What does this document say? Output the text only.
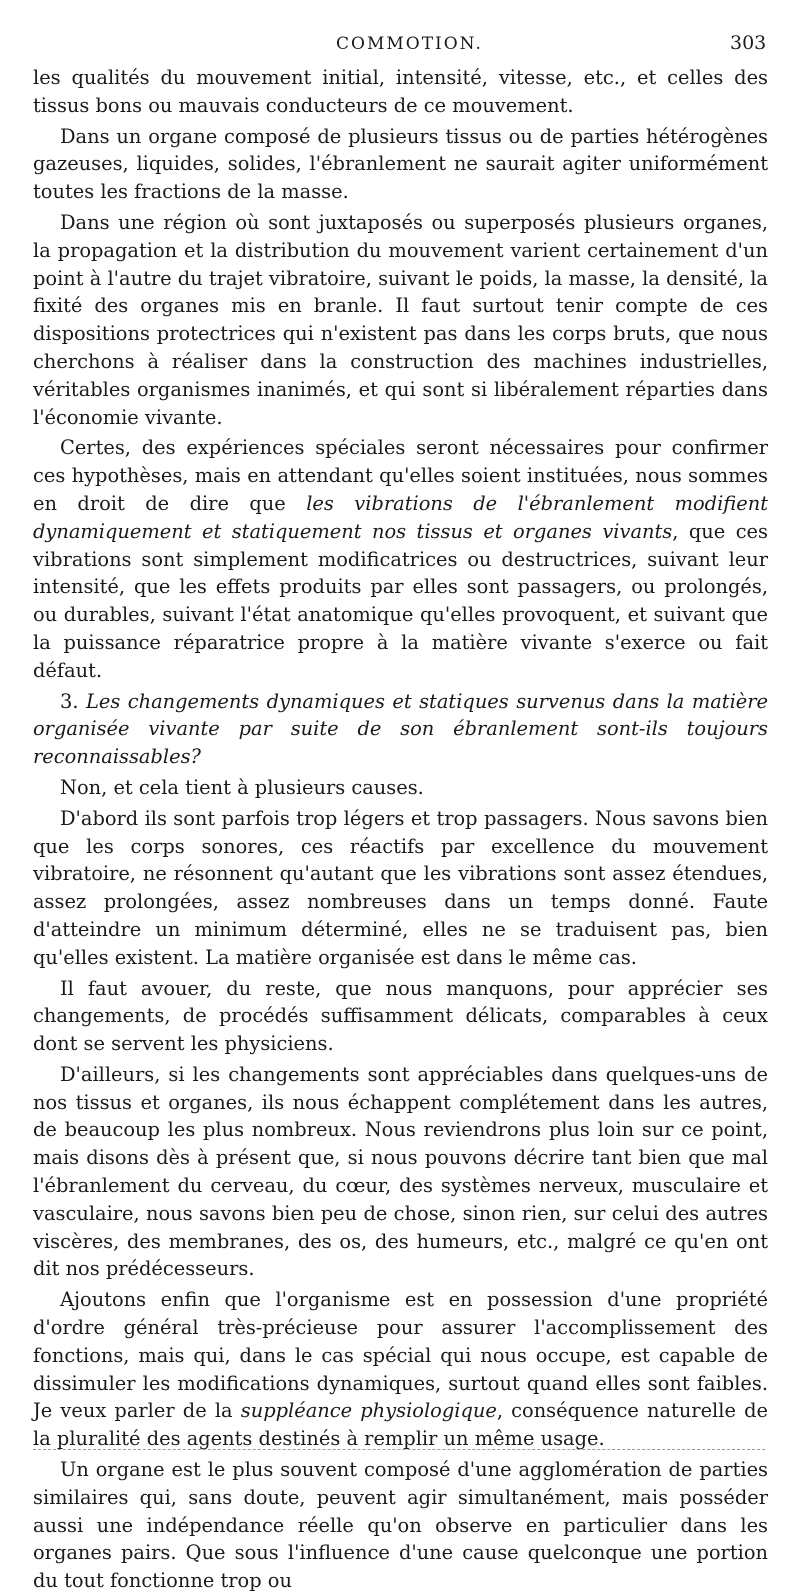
COMMOTION.	303

les qualités du mouvement initial, intensité, vitesse, etc., et celles des tissus bons ou mauvais conducteurs de ce mouvement.

Dans un organe composé de plusieurs tissus ou de parties hétérogènes gazeuses, liquides, solides, l'ébranlement ne saurait agiter uniformément toutes les fractions de la masse.

Dans une région où sont juxtaposés ou superposés plusieurs organes, la propagation et la distribution du mouvement varient certainement d'un point à l'autre du trajet vibratoire, suivant le poids, la masse, la densité, la fixité des organes mis en branle. Il faut surtout tenir compte de ces dispositions protectrices qui n'existent pas dans les corps bruts, que nous cherchons à réaliser dans la construction des machines industrielles, véritables organismes inanimés, et qui sont si libéralement réparties dans l'économie vivante.

Certes, des expériences spéciales seront nécessaires pour confirmer ces hypothèses, mais en attendant qu'elles soient instituées, nous sommes en droit de dire que les vibrations de l'ébranlement modifient dynamiquement et statiquement nos tissus et organes vivants, que ces vibrations sont simplement modificatrices ou destructrices, suivant leur intensité, que les effets produits par elles sont passagers, ou prolongés, ou durables, suivant l'état anatomique qu'elles provoquent, et suivant que la puissance réparatrice propre à la matière vivante s'exerce ou fait défaut.

3. Les changements dynamiques et statiques survenus dans la matière organisée vivante par suite de son ébranlement sont-ils toujours reconnaissables?

Non, et cela tient à plusieurs causes.

D'abord ils sont parfois trop légers et trop passagers. Nous savons bien que les corps sonores, ces réactifs par excellence du mouvement vibratoire, ne résonnent qu'autant que les vibrations sont assez étendues, assez prolongées, assez nombreuses dans un temps donné. Faute d'atteindre un minimum déterminé, elles ne se traduisent pas, bien qu'elles existent. La matière organisée est dans le même cas.

Il faut avouer, du reste, que nous manquons, pour apprécier ses changements, de procédés suffisamment délicats, comparables à ceux dont se servent les physiciens.

D'ailleurs, si les changements sont appréciables dans quelques-uns de nos tissus et organes, ils nous échappent complétement dans les autres, de beaucoup les plus nombreux. Nous reviendrons plus loin sur ce point, mais disons dès à présent que, si nous pouvons décrire tant bien que mal l'ébranlement du cerveau, du cœur, des systèmes nerveux, musculaire et vasculaire, nous savons bien peu de chose, sinon rien, sur celui des autres viscères, des membranes, des os, des humeurs, etc., malgré ce qu'en ont dit nos prédécesseurs.

Ajoutons enfin que l'organisme est en possession d'une propriété d'ordre général très-précieuse pour assurer l'accomplissement des fonctions, mais qui, dans le cas spécial qui nous occupe, est capable de dissimuler les modifications dynamiques, surtout quand elles sont faibles. Je veux parler de la suppléance physiologique, conséquence naturelle de la pluralité des agents destinés à remplir un même usage.

Un organe est le plus souvent composé d'une agglomération de parties similaires qui, sans doute, peuvent agir simultanément, mais posséder aussi une indépendance réelle qu'on observe en particulier dans les organes pairs. Que sous l'influence d'une cause quelconque une portion du tout fonctionne trop ou
